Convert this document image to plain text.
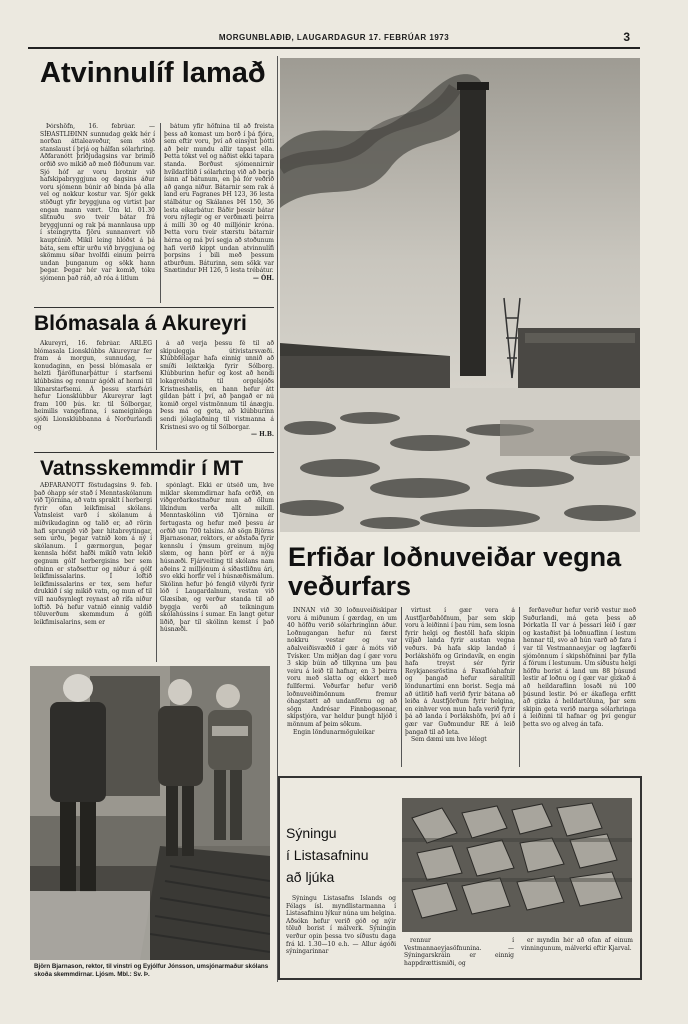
MORGUNBLAÐIÐ, LAUGARDAGUR 17. FEBRÚAR 1973	3
Atvinnulíf lamað

Þórshöfn, 16. febrúar. — SÍÐASTLIÐINN sunnudag gekk hér í norðan áttaleaveður, sem stóð stanslaust í þrjá og hálfan sólarhring. Aðfaranótt þriðjudagsins var brimið orðið svo mikið að með flóðunum var. Sjó hóf ar voru brotnir við hafskipabryggjuna og dagsins áður voru sjómenn búnir að binda þá alla vel og nokkur kostur var. Sjór gekk stöðugt yfir bryggjuna og virtist þar engan mann vært. Um kl. 01.30 slitnuðu svo tveir bátar frá bryggjunni og rak þá mannlausa upp í steingrytta fjöru sunnanvert við kauptúnið. Mikil leing hlóðst á þá báta, sem eftir urðu við bryggjuna og skömmu síðar hvolfdi einum þeirra undan þunganum og sökk hann þegar. Þegar hér var komið, tóku sjómenn það ráð, að róa á litlum

bátum yfir höfnina til að freista þess að komast um borð í þá fjóra, sem eftir voru, því að einsýnt þótti að þeir mundu allir tapast ella. Þetta tókst vel og náðist ekki tapara standa. Borðust sjómennirnir hvíldarlítið í sólarhring við að berja ísinn af bátunum, en þá fór veðrið að ganga niður. Bátarnir sem rak á land eru Fagranes ÞH 123, 36 lesta stálbátur og Skálanes ÞH 150, 36 lesta eikarbátur. Báðir þessir bátar voru nýlegir og er verðmæti þeirra á milli 30 og 40 milljónir króna. Þetta voru tveir stærstu bátarnir hérna og má því segja að stoðunum hafi verið kippt undan atvinnulífi þorpsins í bili með þessum atburðum. Báturinn, sem sökk var Snætindur ÞH 126, 5 lesta trébátur.

— ÓH.
Blómasala á Akureyri

Akureyri, 16. febrúar. ÁRLEG blómasala Lionsklúbbs Akureyrar fer fram á morgun, sunnudag, — konudaginn, en þessi blómasala er helzti fjáröflunarþáttur í starfsemi klúbbsins og rennur ágóði af henni til líknarstarfsemi. Á þessu starfsári hefur Lionsklúbbur Akureyrar lagt fram 100 þús. kr. til Sólborgar, heimilis vangefinna, í sameiginlega sjóði Lionsklúbbanna á Norðurlandi og

á að verja þessu fé til að skipuleggja útivistarsvæði. Klúbbfélagar hafa einnig unnið að smíði leiktækja fyrir Sólborg. Klúbburinn hefur og kost að hendi lokagreiðslu til orgelsjóðs Kristneshælis, en hann hefur átt gildan þátt í því, að þangað er nú komið orgel vistmönnum til ánægju. Þess má og geta, að klúbburinn sendi jólaglaðning til vistmanna á Kristnesi svo og til Sólborgar.

— H.B.
Vatnsskemmdir í MT

AÐFARANÓTT föstudagsins 9. feb. það óhapp sér stað í Menntaskólanum við Tjörnina, að vatn spraklt í herbergi fyrir ofan leikfimisal skólans. Vatnsleist varð í skólanum á miðvikudaginn og talið er, að rörin hafi sprungið við þær hitabreytingar, sem urðu, þegar vatnið kom á ný í skólanum. Í gærmorgun, þegar kennsla hófst hafði mikið vatn lekið gegnum gólf herbergisins ber sem ofninn er staðsettur og niður á gólf leikfimissalarins. Í loftið leikfimissalarins er tex, sem hefur drukkið í sig mikið vatn, og mun ef til vill nauðsynlegt reynast að rífa niður loftið. Þá hefur vatnið einnig valdið töluverðum skemmdum á gólfi leikfimisalarins, sem er

spónlagt. Ekki er útséð um, hve miklar skemmdirnar hafa orðið, en viðgerðarkostnaður mun að öllum líkindum verða allt mikill. Menntaskólinn við Tjörnina er fertugasta og hefur með þessu ár orðið um 700 talsins. Að sögn Björns Bjarnasonar, rektors, er aðstaða fyrir kennslu í ýmsum greinum mjög slæm, og hann þörf er á nýju húsnæði. Fjárveiting til skólans nam aðeins 2 milljónum á síðastliðnu ári, svo ekki horfir vel í húsnæðismálum. Skólinn hefur þó fengið vilyrði fyrir lóð í Laugardalnum, vestan við Glæsibæ, og verður standa til að byggja verði að teikningum skólahússins í sumar. En langt getur liðið, þar til skólinn kemst í það húsnæði.

Björn Bjarnason, rektor, til vinstri og Eyjólfur Jónsson, umsjónarmaður skólans skoða skemmdirnar. Ljósm. Mbl.: Sv. Þ.
Erfiðar loðnuveiðar vegna veðurfars

INNAN við 30 loðnuveiðiskipar voru á miðunum í gærdag, en um 40 höfðu verið sólarhringinn áður. Loðnugangan hefur nú færst nokkru vestar og var aðalveiðisvæðið í gær á móts við Tvísker. Um miðjan dag í gær voru 3 skip búin að tilkynna um þau veiru á leið til hafnar, en 3 þeirra voru með slatta og ekkert með fullfermi. Veðurfar hefur verið loðnuveiðimönnum fremur óhagstætt að undanförnu og að sögn Andrésar Finnbogasonar, skipstjóra, var heldur þungt hljóð í mönnum af þeim sökum.

Engin löndunarmöguleikar

virtust í gær vera á Austfjarðahöfnum, þar sem skip voru á leiðinni í þau rúm, sem losna fyrir helgi og fiestöll hafa skipin viljað landa fyrir austan vegna veðurs. Þá hafa skip landað í Þorlákshöfn og Grindavík, en engin hafa treyst sér fyrir Reykjanesröstina á Faxaflóahafnir og þangað hefur sáralítill löndunartími enn borist. Segja má að útlitið hafi verið fyrir bátana að leiða á Austfjörðum fyrir helgina, en einhver von mun hafa verið fyrir þá að landa í Þorlákshöfn, því að í gær var Guðmundur RE á leið þangað til að leta.

Sem dæmi um hve lélegt

ferðaveður hefur verið vestur með Suðurlandi, má geta þess að Þórkatla II var á þessari leið í gær og kastaðist þá loðnuaflinn í lestum hennar til, svo að hún varð að fara í var til Vestmannaeyjar og lagfærði sjómönnum í skipshöfninni þar fylla á fórum í lestunum. Um síðustu helgi höfðu borist á land um 88 þúsund lestir af loðnu og í gær var gizkað á að heildaraflinn losaði nú 100 þúsund lestir. Þó er ákaflega erfitt að gizka á heildartöluna, þar sem skipin geta verið marga sólarhringa á leiðinni til hafnar og því gengur þetta svo og alveg án tafa.

Sýningu
í Listasafninu
að ljúka

Sýningu Listasafns Íslands og Félags ísl. myndlistarmanna í Listasafninu lýkur núna um helgina. Aðsókn hefur verið góð og nýir töluð borist í málverk. Sýningin verður opin þessa tvo síðustu daga frá kl. 1.30—10 e.h. — Allur ágóði sýningarinnar

rennur í Vestmannaeyjasöfnunina. — Sýningarskráin er einnig happdrættismiði, og

er myndin hér að ofan af einum vinningunum, málverki eftir Kjarval.
